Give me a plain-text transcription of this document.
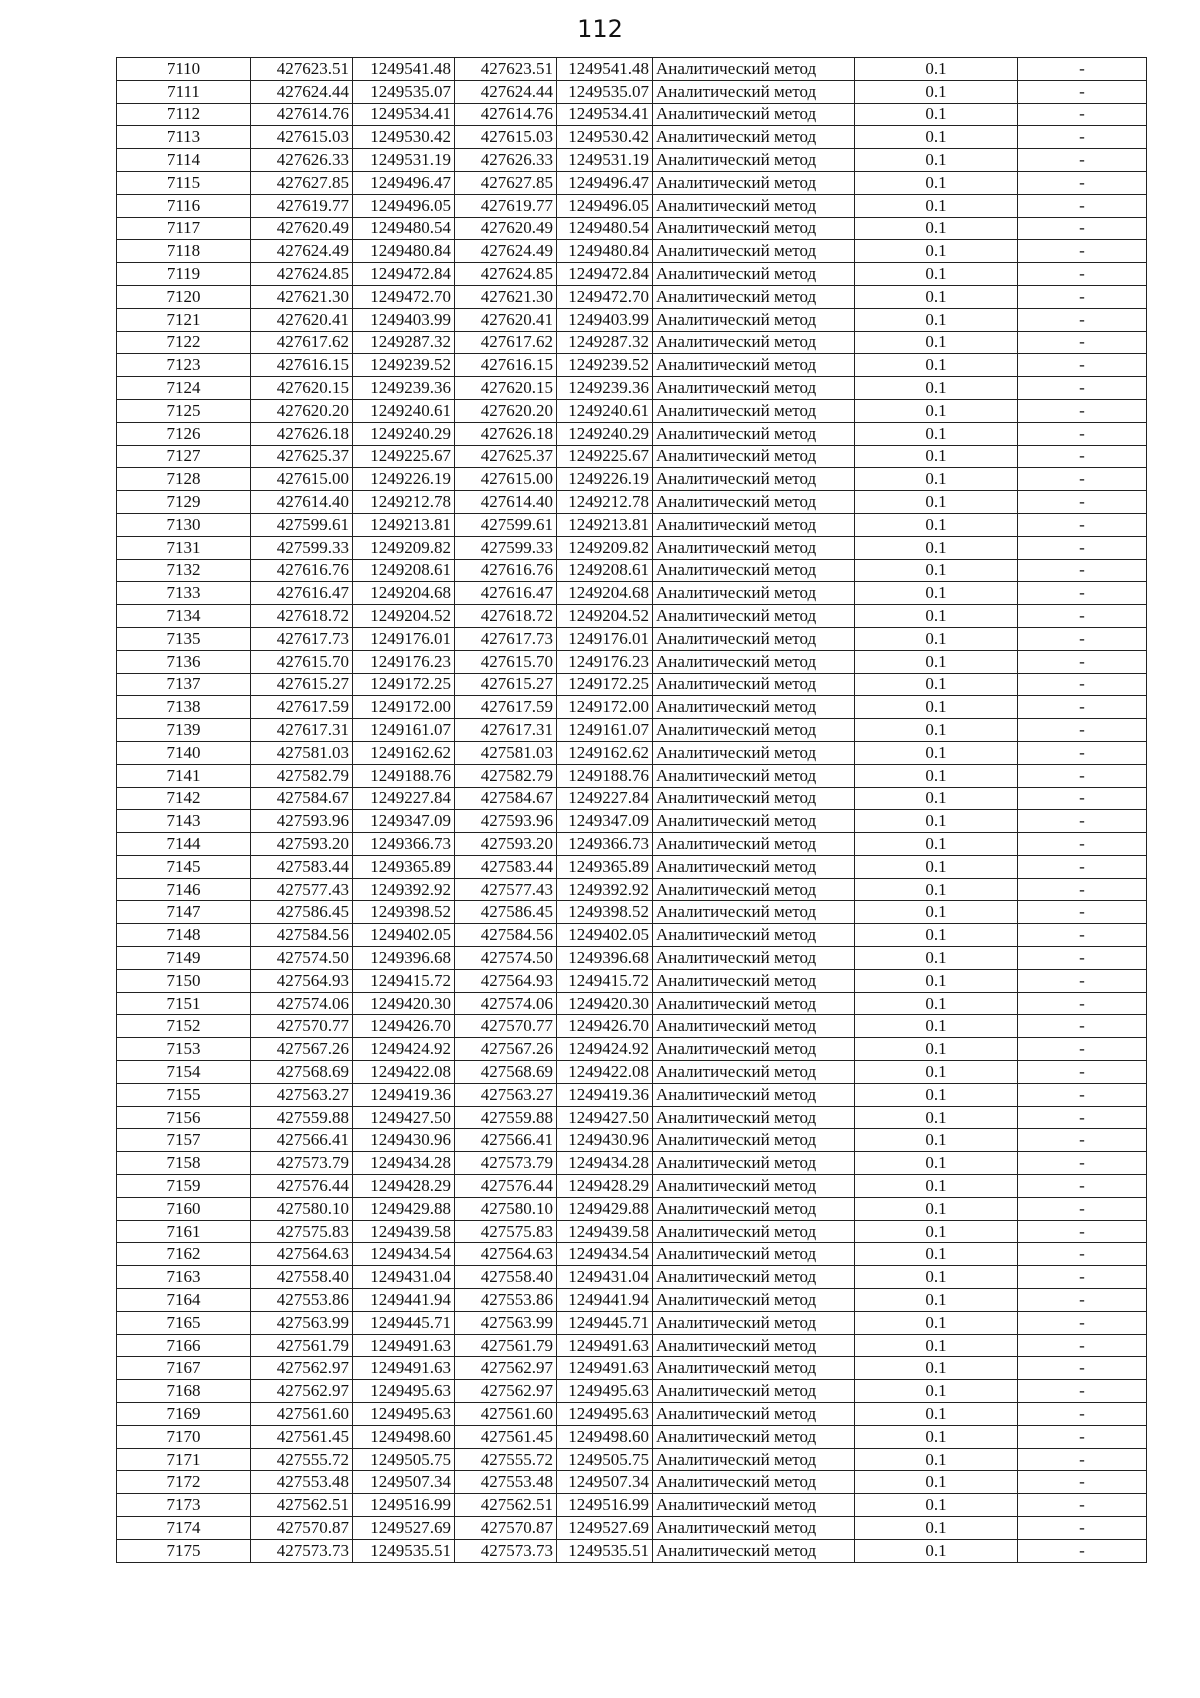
112
7110	427623.51	1249541.48	427623.51	1249541.48	Аналитический метод	0.1	-
7111	427624.44	1249535.07	427624.44	1249535.07	Аналитический метод	0.1	-
7112	427614.76	1249534.41	427614.76	1249534.41	Аналитический метод	0.1	-
7113	427615.03	1249530.42	427615.03	1249530.42	Аналитический метод	0.1	-
7114	427626.33	1249531.19	427626.33	1249531.19	Аналитический метод	0.1	-
7115	427627.85	1249496.47	427627.85	1249496.47	Аналитический метод	0.1	-
7116	427619.77	1249496.05	427619.77	1249496.05	Аналитический метод	0.1	-
7117	427620.49	1249480.54	427620.49	1249480.54	Аналитический метод	0.1	-
7118	427624.49	1249480.84	427624.49	1249480.84	Аналитический метод	0.1	-
7119	427624.85	1249472.84	427624.85	1249472.84	Аналитический метод	0.1	-
7120	427621.30	1249472.70	427621.30	1249472.70	Аналитический метод	0.1	-
7121	427620.41	1249403.99	427620.41	1249403.99	Аналитический метод	0.1	-
7122	427617.62	1249287.32	427617.62	1249287.32	Аналитический метод	0.1	-
7123	427616.15	1249239.52	427616.15	1249239.52	Аналитический метод	0.1	-
7124	427620.15	1249239.36	427620.15	1249239.36	Аналитический метод	0.1	-
7125	427620.20	1249240.61	427620.20	1249240.61	Аналитический метод	0.1	-
7126	427626.18	1249240.29	427626.18	1249240.29	Аналитический метод	0.1	-
7127	427625.37	1249225.67	427625.37	1249225.67	Аналитический метод	0.1	-
7128	427615.00	1249226.19	427615.00	1249226.19	Аналитический метод	0.1	-
7129	427614.40	1249212.78	427614.40	1249212.78	Аналитический метод	0.1	-
7130	427599.61	1249213.81	427599.61	1249213.81	Аналитический метод	0.1	-
7131	427599.33	1249209.82	427599.33	1249209.82	Аналитический метод	0.1	-
7132	427616.76	1249208.61	427616.76	1249208.61	Аналитический метод	0.1	-
7133	427616.47	1249204.68	427616.47	1249204.68	Аналитический метод	0.1	-
7134	427618.72	1249204.52	427618.72	1249204.52	Аналитический метод	0.1	-
7135	427617.73	1249176.01	427617.73	1249176.01	Аналитический метод	0.1	-
7136	427615.70	1249176.23	427615.70	1249176.23	Аналитический метод	0.1	-
7137	427615.27	1249172.25	427615.27	1249172.25	Аналитический метод	0.1	-
7138	427617.59	1249172.00	427617.59	1249172.00	Аналитический метод	0.1	-
7139	427617.31	1249161.07	427617.31	1249161.07	Аналитический метод	0.1	-
7140	427581.03	1249162.62	427581.03	1249162.62	Аналитический метод	0.1	-
7141	427582.79	1249188.76	427582.79	1249188.76	Аналитический метод	0.1	-
7142	427584.67	1249227.84	427584.67	1249227.84	Аналитический метод	0.1	-
7143	427593.96	1249347.09	427593.96	1249347.09	Аналитический метод	0.1	-
7144	427593.20	1249366.73	427593.20	1249366.73	Аналитический метод	0.1	-
7145	427583.44	1249365.89	427583.44	1249365.89	Аналитический метод	0.1	-
7146	427577.43	1249392.92	427577.43	1249392.92	Аналитический метод	0.1	-
7147	427586.45	1249398.52	427586.45	1249398.52	Аналитический метод	0.1	-
7148	427584.56	1249402.05	427584.56	1249402.05	Аналитический метод	0.1	-
7149	427574.50	1249396.68	427574.50	1249396.68	Аналитический метод	0.1	-
7150	427564.93	1249415.72	427564.93	1249415.72	Аналитический метод	0.1	-
7151	427574.06	1249420.30	427574.06	1249420.30	Аналитический метод	0.1	-
7152	427570.77	1249426.70	427570.77	1249426.70	Аналитический метод	0.1	-
7153	427567.26	1249424.92	427567.26	1249424.92	Аналитический метод	0.1	-
7154	427568.69	1249422.08	427568.69	1249422.08	Аналитический метод	0.1	-
7155	427563.27	1249419.36	427563.27	1249419.36	Аналитический метод	0.1	-
7156	427559.88	1249427.50	427559.88	1249427.50	Аналитический метод	0.1	-
7157	427566.41	1249430.96	427566.41	1249430.96	Аналитический метод	0.1	-
7158	427573.79	1249434.28	427573.79	1249434.28	Аналитический метод	0.1	-
7159	427576.44	1249428.29	427576.44	1249428.29	Аналитический метод	0.1	-
7160	427580.10	1249429.88	427580.10	1249429.88	Аналитический метод	0.1	-
7161	427575.83	1249439.58	427575.83	1249439.58	Аналитический метод	0.1	-
7162	427564.63	1249434.54	427564.63	1249434.54	Аналитический метод	0.1	-
7163	427558.40	1249431.04	427558.40	1249431.04	Аналитический метод	0.1	-
7164	427553.86	1249441.94	427553.86	1249441.94	Аналитический метод	0.1	-
7165	427563.99	1249445.71	427563.99	1249445.71	Аналитический метод	0.1	-
7166	427561.79	1249491.63	427561.79	1249491.63	Аналитический метод	0.1	-
7167	427562.97	1249491.63	427562.97	1249491.63	Аналитический метод	0.1	-
7168	427562.97	1249495.63	427562.97	1249495.63	Аналитический метод	0.1	-
7169	427561.60	1249495.63	427561.60	1249495.63	Аналитический метод	0.1	-
7170	427561.45	1249498.60	427561.45	1249498.60	Аналитический метод	0.1	-
7171	427555.72	1249505.75	427555.72	1249505.75	Аналитический метод	0.1	-
7172	427553.48	1249507.34	427553.48	1249507.34	Аналитический метод	0.1	-
7173	427562.51	1249516.99	427562.51	1249516.99	Аналитический метод	0.1	-
7174	427570.87	1249527.69	427570.87	1249527.69	Аналитический метод	0.1	-
7175	427573.73	1249535.51	427573.73	1249535.51	Аналитический метод	0.1	-
